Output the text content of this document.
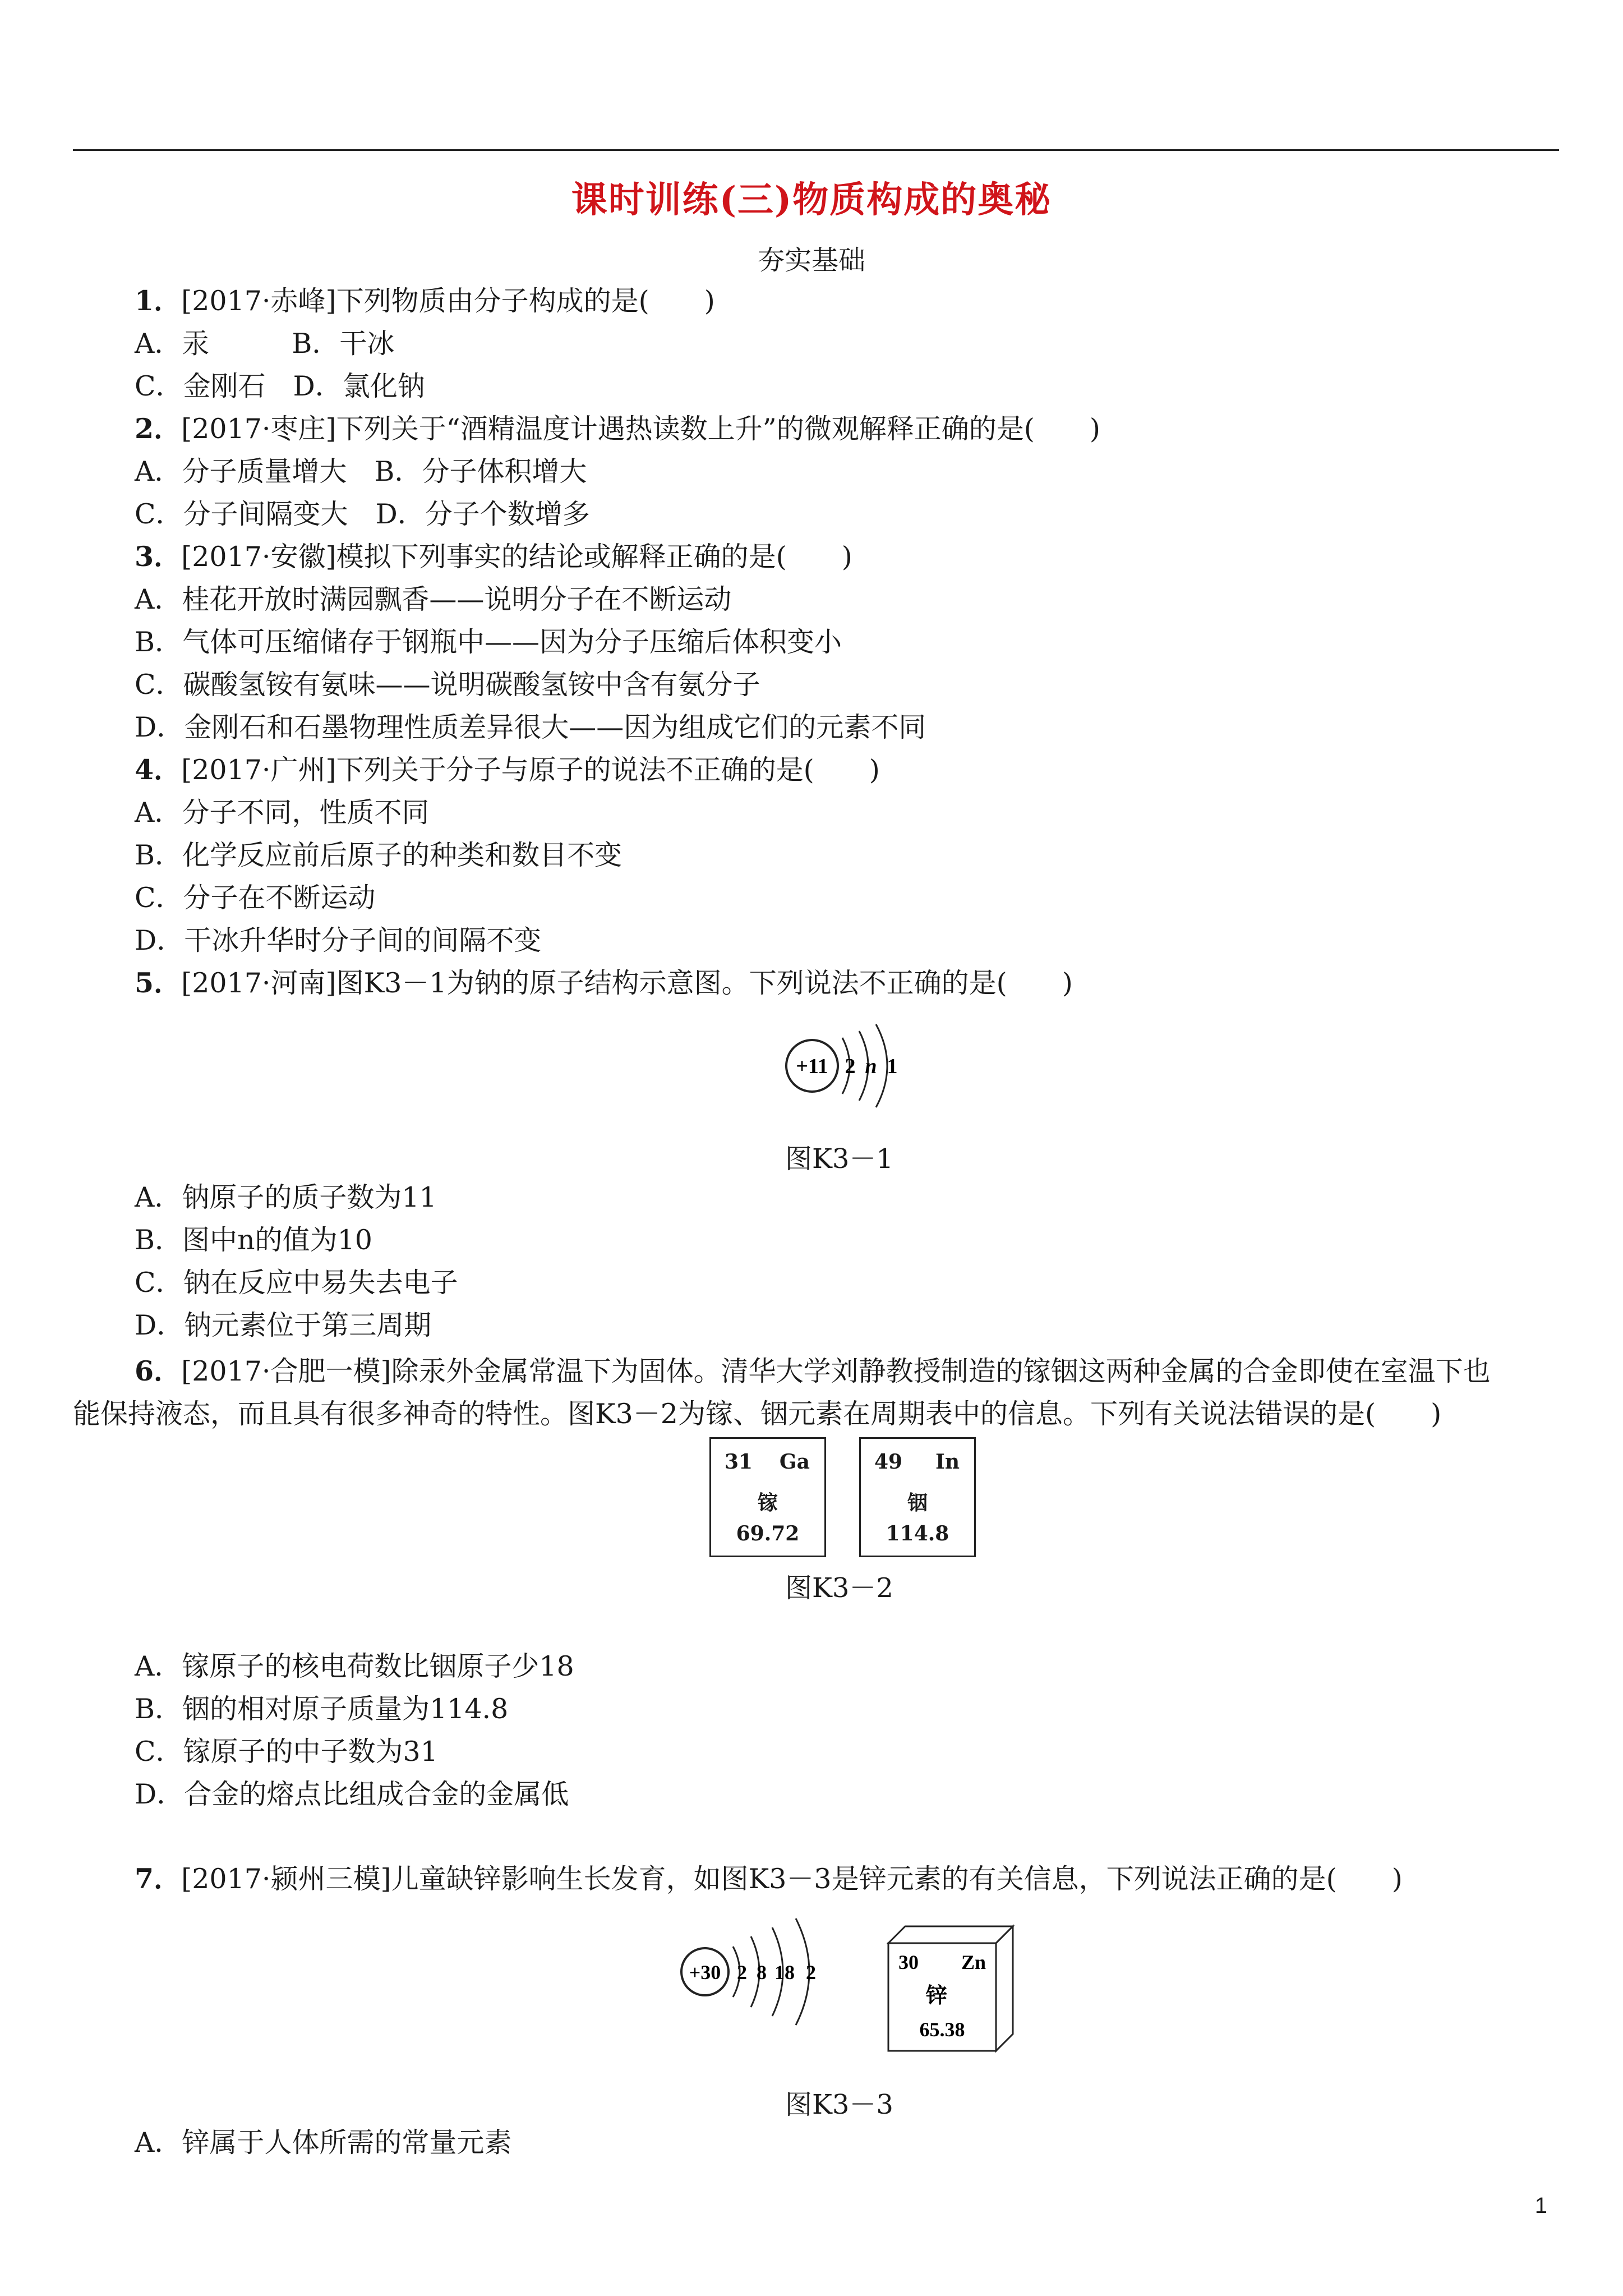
课时训练(三)物质构成的奥秘
夯实基础
1．[2017·赤峰]下列物质由分子构成的是(　　)
A．汞　　　B．干冰
C．金刚石　D．氯化钠
2．[2017·枣庄]下列关于“酒精温度计遇热读数上升”的微观解释正确的是(　　)
A．分子质量增大　B．分子体积增大
C．分子间隔变大　D．分子个数增多
3．[2017·安徽]模拟下列事实的结论或解释正确的是(　　)
A．桂花开放时满园飘香——说明分子在不断运动
B．气体可压缩储存于钢瓶中——因为分子压缩后体积变小
C．碳酸氢铵有氨味——说明碳酸氢铵中含有氨分子
D．金刚石和石墨物理性质差异很大——因为组成它们的元素不同
4．[2017·广州]下列关于分子与原子的说法不正确的是(　　)
A．分子不同，性质不同
B．化学反应前后原子的种类和数目不变
C．分子在不断运动
D．干冰升华时分子间的间隔不变
5．[2017·河南]图K3－1为钠的原子结构示意图。下列说法不正确的是(　　)
+11 2 n 1
图K3－1
A．钠原子的质子数为11
B．图中n的值为10
C．钠在反应中易失去电子
D．钠元素位于第三周期
6．[2017·合肥一模]除汞外金属常温下为固体。清华大学刘静教授制造的镓铟这两种金属的合金即使在室温下也
能保持液态，而且具有很多神奇的特性。图K3－2为镓、铟元素在周期表中的信息。下列有关说法错误的是(　　)
31 Ga
镓
69.72
49 In
铟
114.8
图K3－2
A．镓原子的核电荷数比铟原子少18
B．铟的相对原子质量为114.8
C．镓原子的中子数为31
D．合金的熔点比组成合金的金属低
7．[2017·颍州三模]儿童缺锌影响生长发育，如图K3－3是锌元素的有关信息，下列说法正确的是(　　)
+30 2 8 18 2	30 Zn
锌
65.38
图K3－3
A．锌属于人体所需的常量元素
1
